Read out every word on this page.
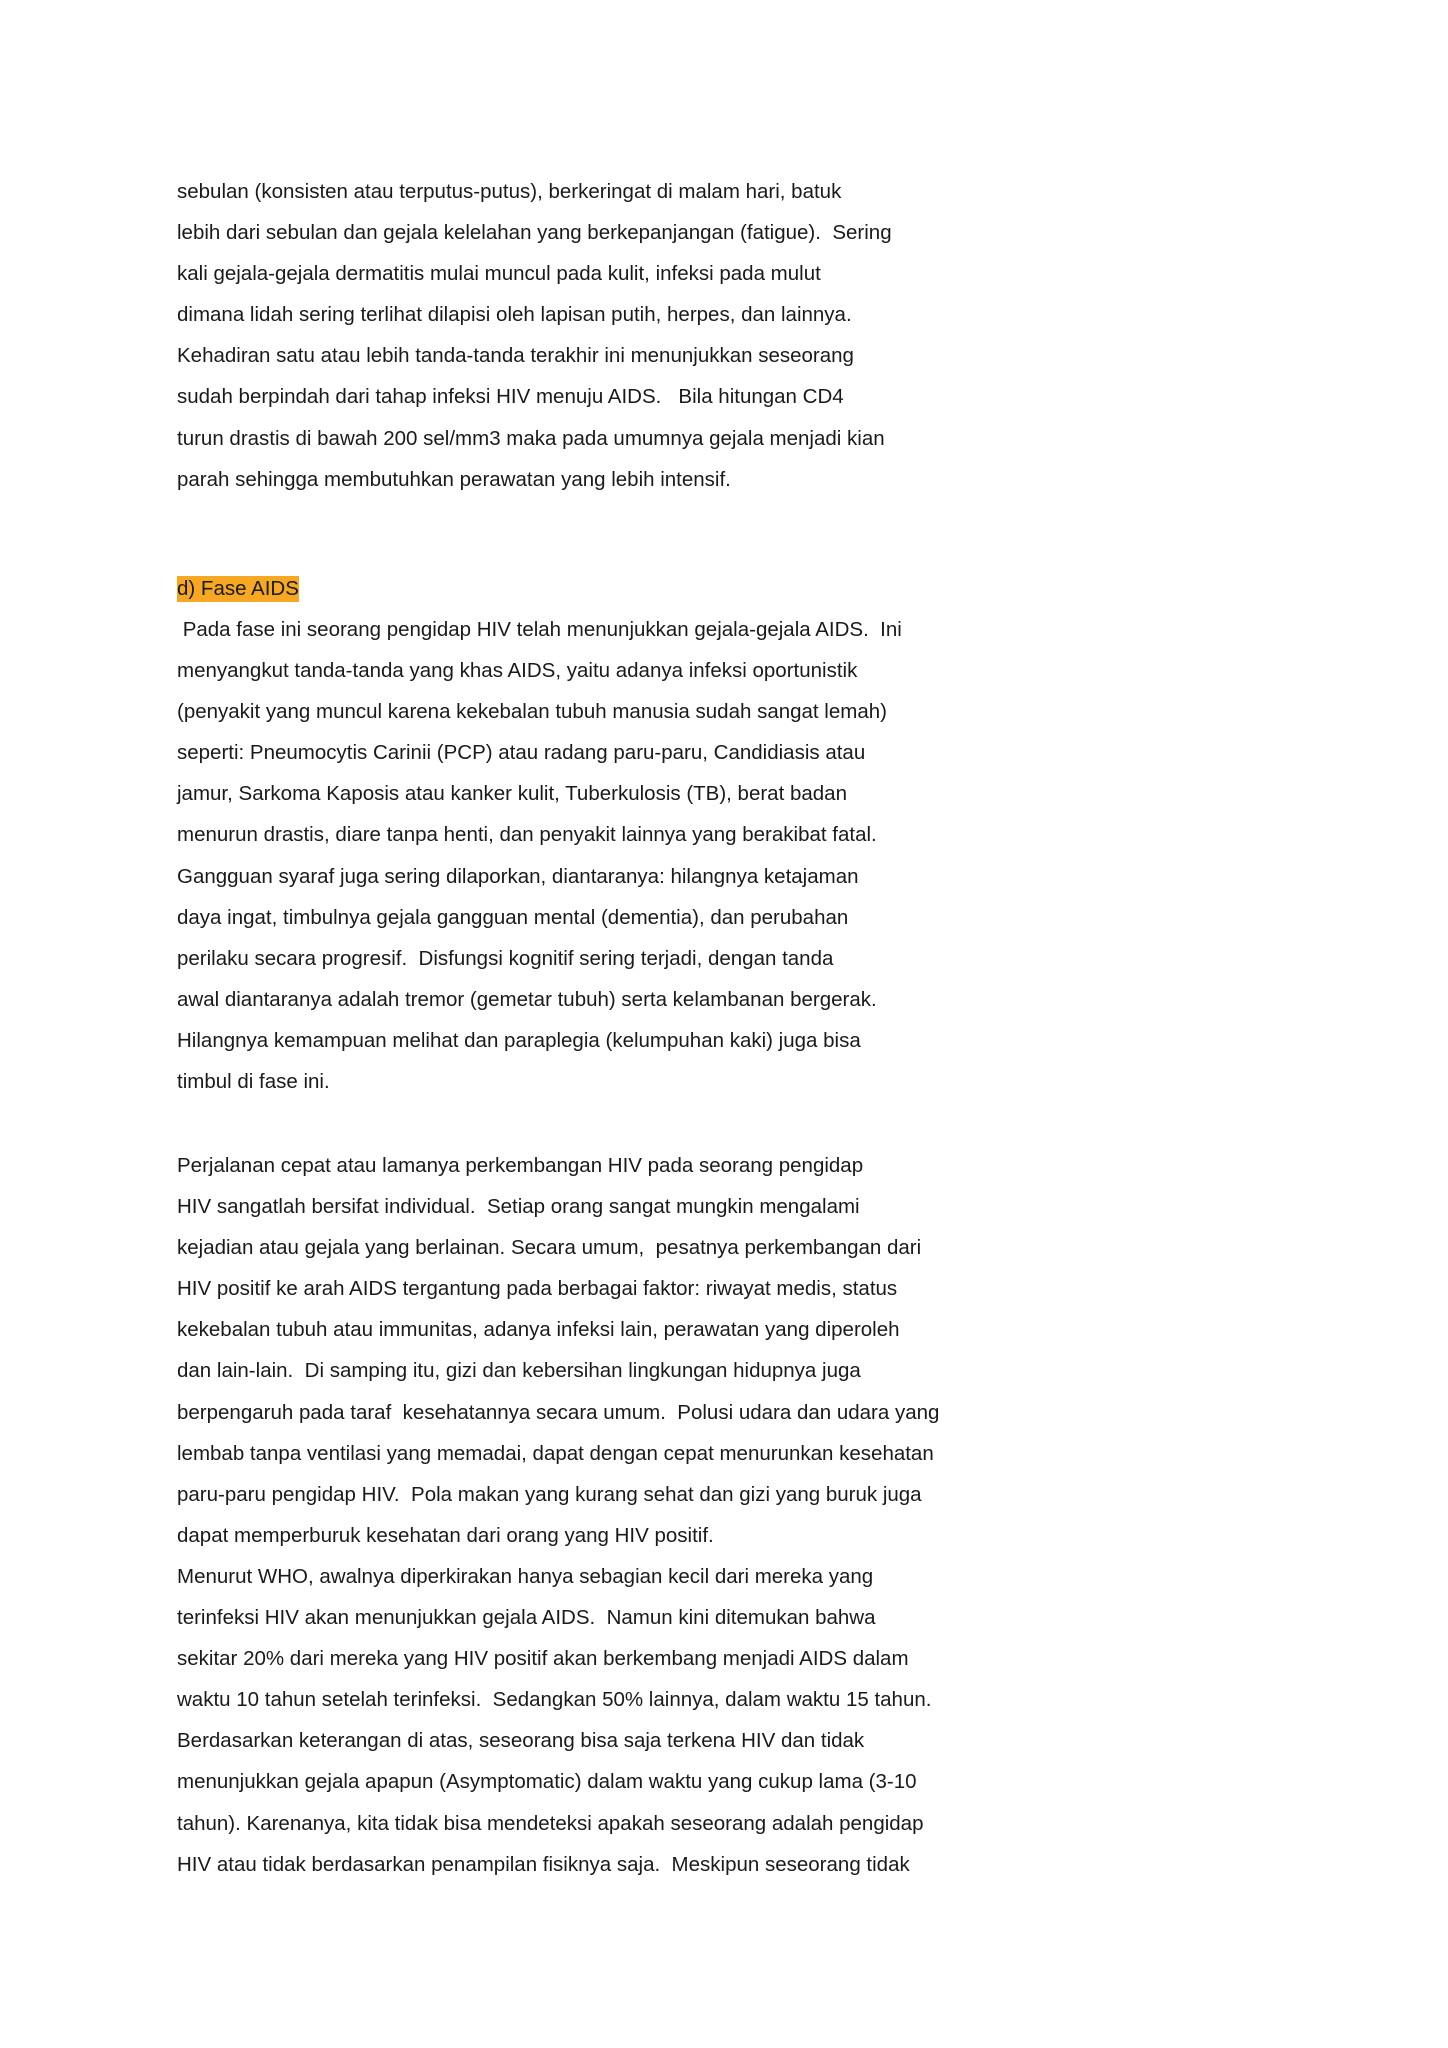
sebulan (konsisten atau terputus-putus), berkeringat di malam hari, batuk
lebih dari sebulan dan gejala kelelahan yang berkepanjangan (fatigue).  Sering
kali gejala-gejala dermatitis mulai muncul pada kulit, infeksi pada mulut
dimana lidah sering terlihat dilapisi oleh lapisan putih, herpes, dan lainnya.
Kehadiran satu atau lebih tanda-tanda terakhir ini menunjukkan seseorang
sudah berpindah dari tahap infeksi HIV menuju AIDS.   Bila hitungan CD4
turun drastis di bawah 200 sel/mm3 maka pada umumnya gejala menjadi kian
parah sehingga membutuhkan perawatan yang lebih intensif.
d) Fase AIDS
Pada fase ini seorang pengidap HIV telah menunjukkan gejala-gejala AIDS.  Ini
menyangkut tanda-tanda yang khas AIDS, yaitu adanya infeksi oportunistik
(penyakit yang muncul karena kekebalan tubuh manusia sudah sangat lemah)
seperti: Pneumocytis Carinii (PCP) atau radang paru-paru, Candidiasis atau
jamur, Sarkoma Kaposis atau kanker kulit, Tuberkulosis (TB), berat badan
menurun drastis, diare tanpa henti, dan penyakit lainnya yang berakibat fatal.
Gangguan syaraf juga sering dilaporkan, diantaranya: hilangnya ketajaman
daya ingat, timbulnya gejala gangguan mental (dementia), dan perubahan
perilaku secara progresif.  Disfungsi kognitif sering terjadi, dengan tanda
awal diantaranya adalah tremor (gemetar tubuh) serta kelambanan bergerak.
Hilangnya kemampuan melihat dan paraplegia (kelumpuhan kaki) juga bisa
timbul di fase ini.
Perjalanan cepat atau lamanya perkembangan HIV pada seorang pengidap
HIV sangatlah bersifat individual.  Setiap orang sangat mungkin mengalami
kejadian atau gejala yang berlainan. Secara umum,  pesatnya perkembangan dari
HIV positif ke arah AIDS tergantung pada berbagai faktor: riwayat medis, status
kekebalan tubuh atau immunitas, adanya infeksi lain, perawatan yang diperoleh
dan lain-lain.  Di samping itu, gizi dan kebersihan lingkungan hidupnya juga
berpengaruh pada taraf  kesehatannya secara umum.  Polusi udara dan udara yang
lembab tanpa ventilasi yang memadai, dapat dengan cepat menurunkan kesehatan
paru-paru pengidap HIV.  Pola makan yang kurang sehat dan gizi yang buruk juga
dapat memperburuk kesehatan dari orang yang HIV positif.
Menurut WHO, awalnya diperkirakan hanya sebagian kecil dari mereka yang
terinfeksi HIV akan menunjukkan gejala AIDS.  Namun kini ditemukan bahwa
sekitar 20% dari mereka yang HIV positif akan berkembang menjadi AIDS dalam
waktu 10 tahun setelah terinfeksi.  Sedangkan 50% lainnya, dalam waktu 15 tahun.
Berdasarkan keterangan di atas, seseorang bisa saja terkena HIV dan tidak
menunjukkan gejala apapun (Asymptomatic) dalam waktu yang cukup lama (3-10
tahun). Karenanya, kita tidak bisa mendeteksi apakah seseorang adalah pengidap
HIV atau tidak berdasarkan penampilan fisiknya saja.  Meskipun seseorang tidak
